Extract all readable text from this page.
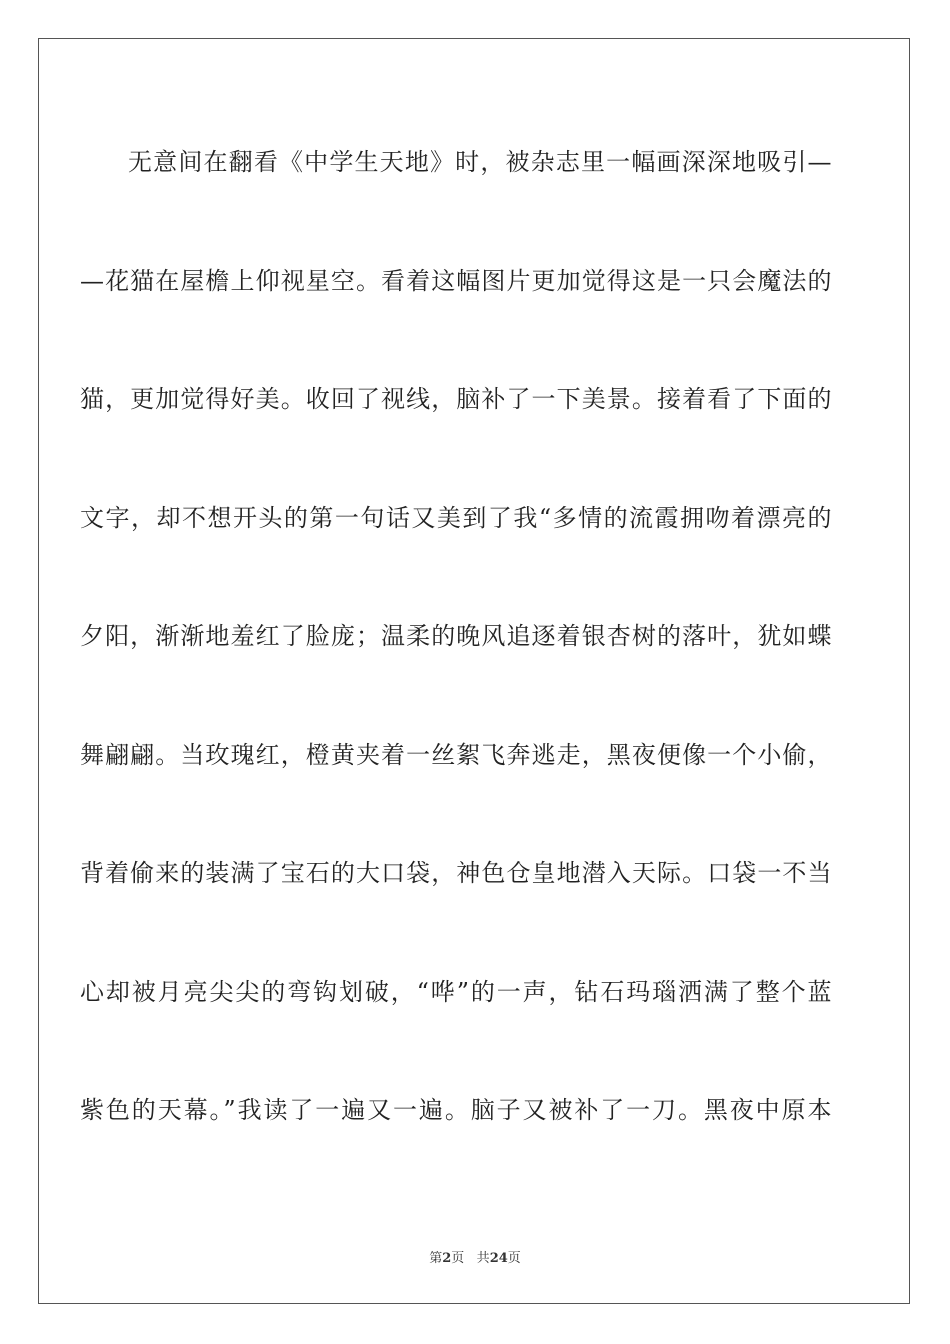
无意间在翻看《中学生天地》时，被杂志里一幅画深深地吸引—
—花猫在屋檐上仰视星空。看着这幅图片更加觉得这是一只会魔法的
猫，更加觉得好美。收回了视线，脑补了一下美景。接着看了下面的
文字，却不想开头的第一句话又美到了我“多情的流霞拥吻着漂亮的
夕阳，渐渐地羞红了脸庞；温柔的晚风追逐着银杏树的落叶，犹如蝶
舞翩翩。当玫瑰红，橙黄夹着一丝絮飞奔逃走，黑夜便像一个小偷，
背着偷来的装满了宝石的大口袋，神色仓皇地潜入天际。口袋一不当
心却被月亮尖尖的弯钩划破，“哗”的一声，钻石玛瑙洒满了整个蓝
紫色的天幕。”我读了一遍又一遍。脑子又被补了一刀。黑夜中原本
第2页 共24页
